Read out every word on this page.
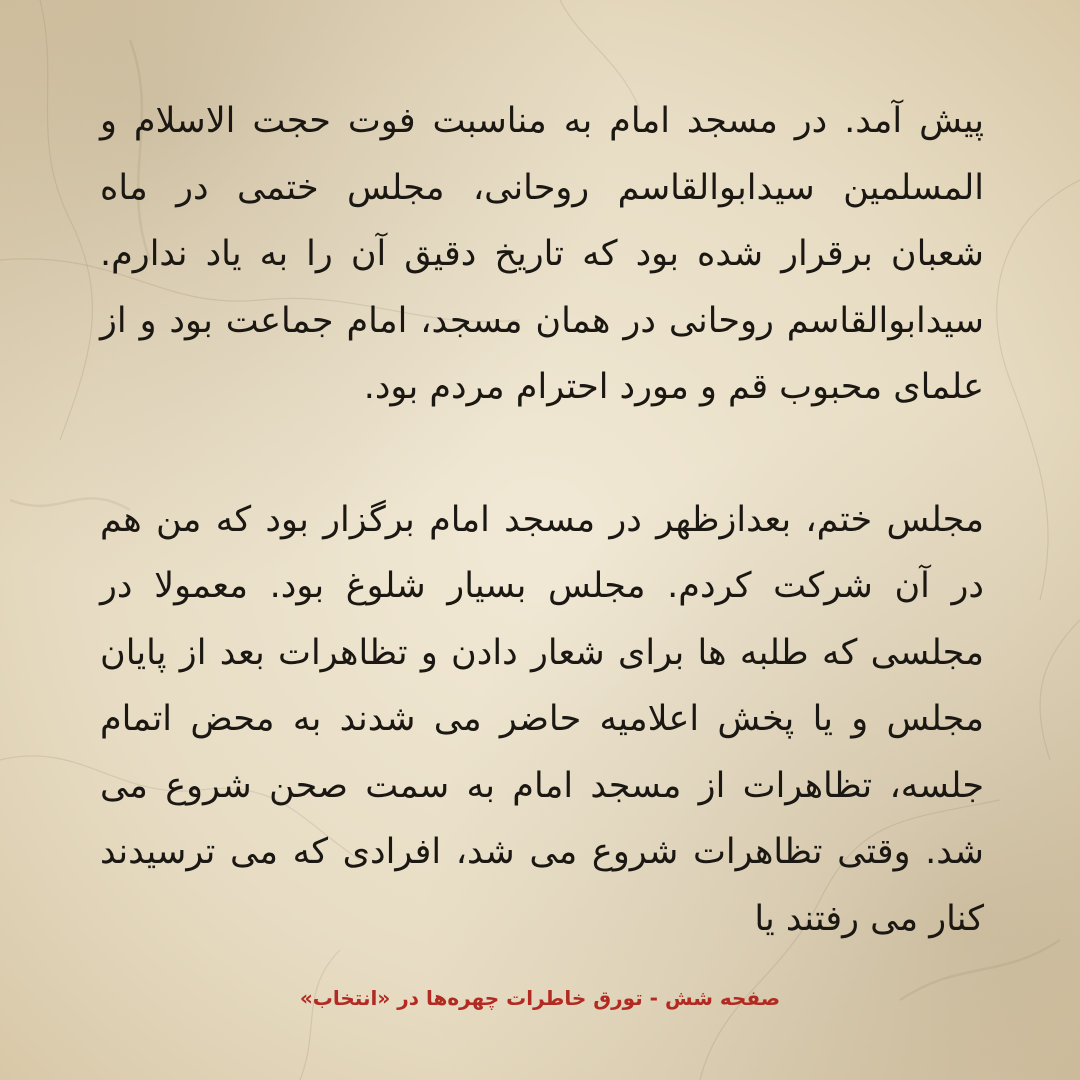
پیش آمد. در مسجد امام به مناسبت فوت حجت الاسلام و المسلمین سیدابوالقاسم روحانی، مجلس ختمی در ماه شعبان برقرار شده بود که تاریخ دقیق آن را به یاد ندارم. سیدابوالقاسم روحانی در همان مسجد، امام جماعت بود و از علمای محبوب قم و مورد احترام مردم بود.

مجلس ختم، بعدازظهر در مسجد امام برگزار بود که من هم در آن شرکت کردم. مجلس بسیار شلوغ بود. معمولا در مجلسی که طلبه ها برای شعار دادن و تظاهرات بعد از پایان مجلس و یا پخش اعلامیه حاضر می شدند به محض اتمام جلسه، تظاهرات از مسجد امام به سمت صحن شروع می شد. وقتی تظاهرات شروع می شد، افرادی که می ترسیدند کنار می رفتند یا

صفحه شش - تورق خاطرات چهره‌ها در «انتخاب»
